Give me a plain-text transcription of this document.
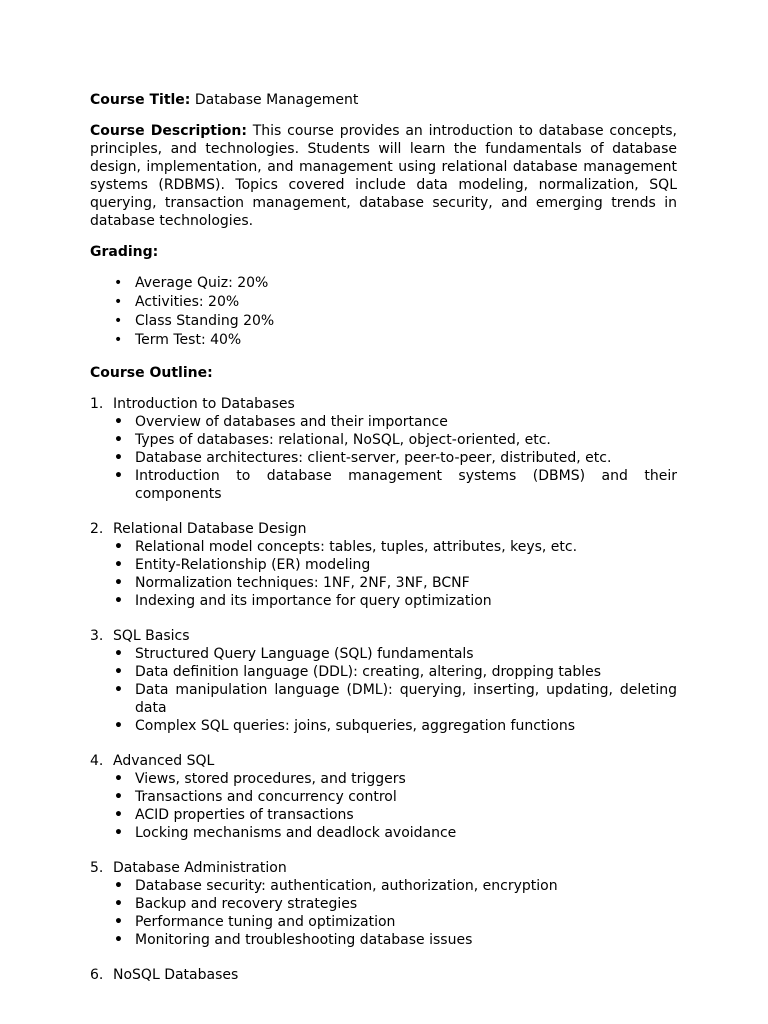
Course Title: Database Management

Course Description: This course provides an introduction to database concepts, principles, and technologies. Students will learn the fundamentals of database design, implementation, and management using relational database management systems (RDBMS). Topics covered include data modeling, normalization, SQL querying, transaction management, database security, and emerging trends in database technologies.

Grading:

• Average Quiz: 20%
• Activities: 20%
• Class Standing 20%
• Term Test: 40%

Course Outline:

1. Introduction to Databases
• Overview of databases and their importance
• Types of databases: relational, NoSQL, object-oriented, etc.
• Database architectures: client-server, peer-to-peer, distributed, etc.
• Introduction to database management systems (DBMS) and their components
2. Relational Database Design
• Relational model concepts: tables, tuples, attributes, keys, etc.
• Entity-Relationship (ER) modeling
• Normalization techniques: 1NF, 2NF, 3NF, BCNF
• Indexing and its importance for query optimization
3. SQL Basics
• Structured Query Language (SQL) fundamentals
• Data definition language (DDL): creating, altering, dropping tables
• Data manipulation language (DML): querying, inserting, updating, deleting data
• Complex SQL queries: joins, subqueries, aggregation functions
4. Advanced SQL
• Views, stored procedures, and triggers
• Transactions and concurrency control
• ACID properties of transactions
• Locking mechanisms and deadlock avoidance
5. Database Administration
• Database security: authentication, authorization, encryption
• Backup and recovery strategies
• Performance tuning and optimization
• Monitoring and troubleshooting database issues
6. NoSQL Databases
